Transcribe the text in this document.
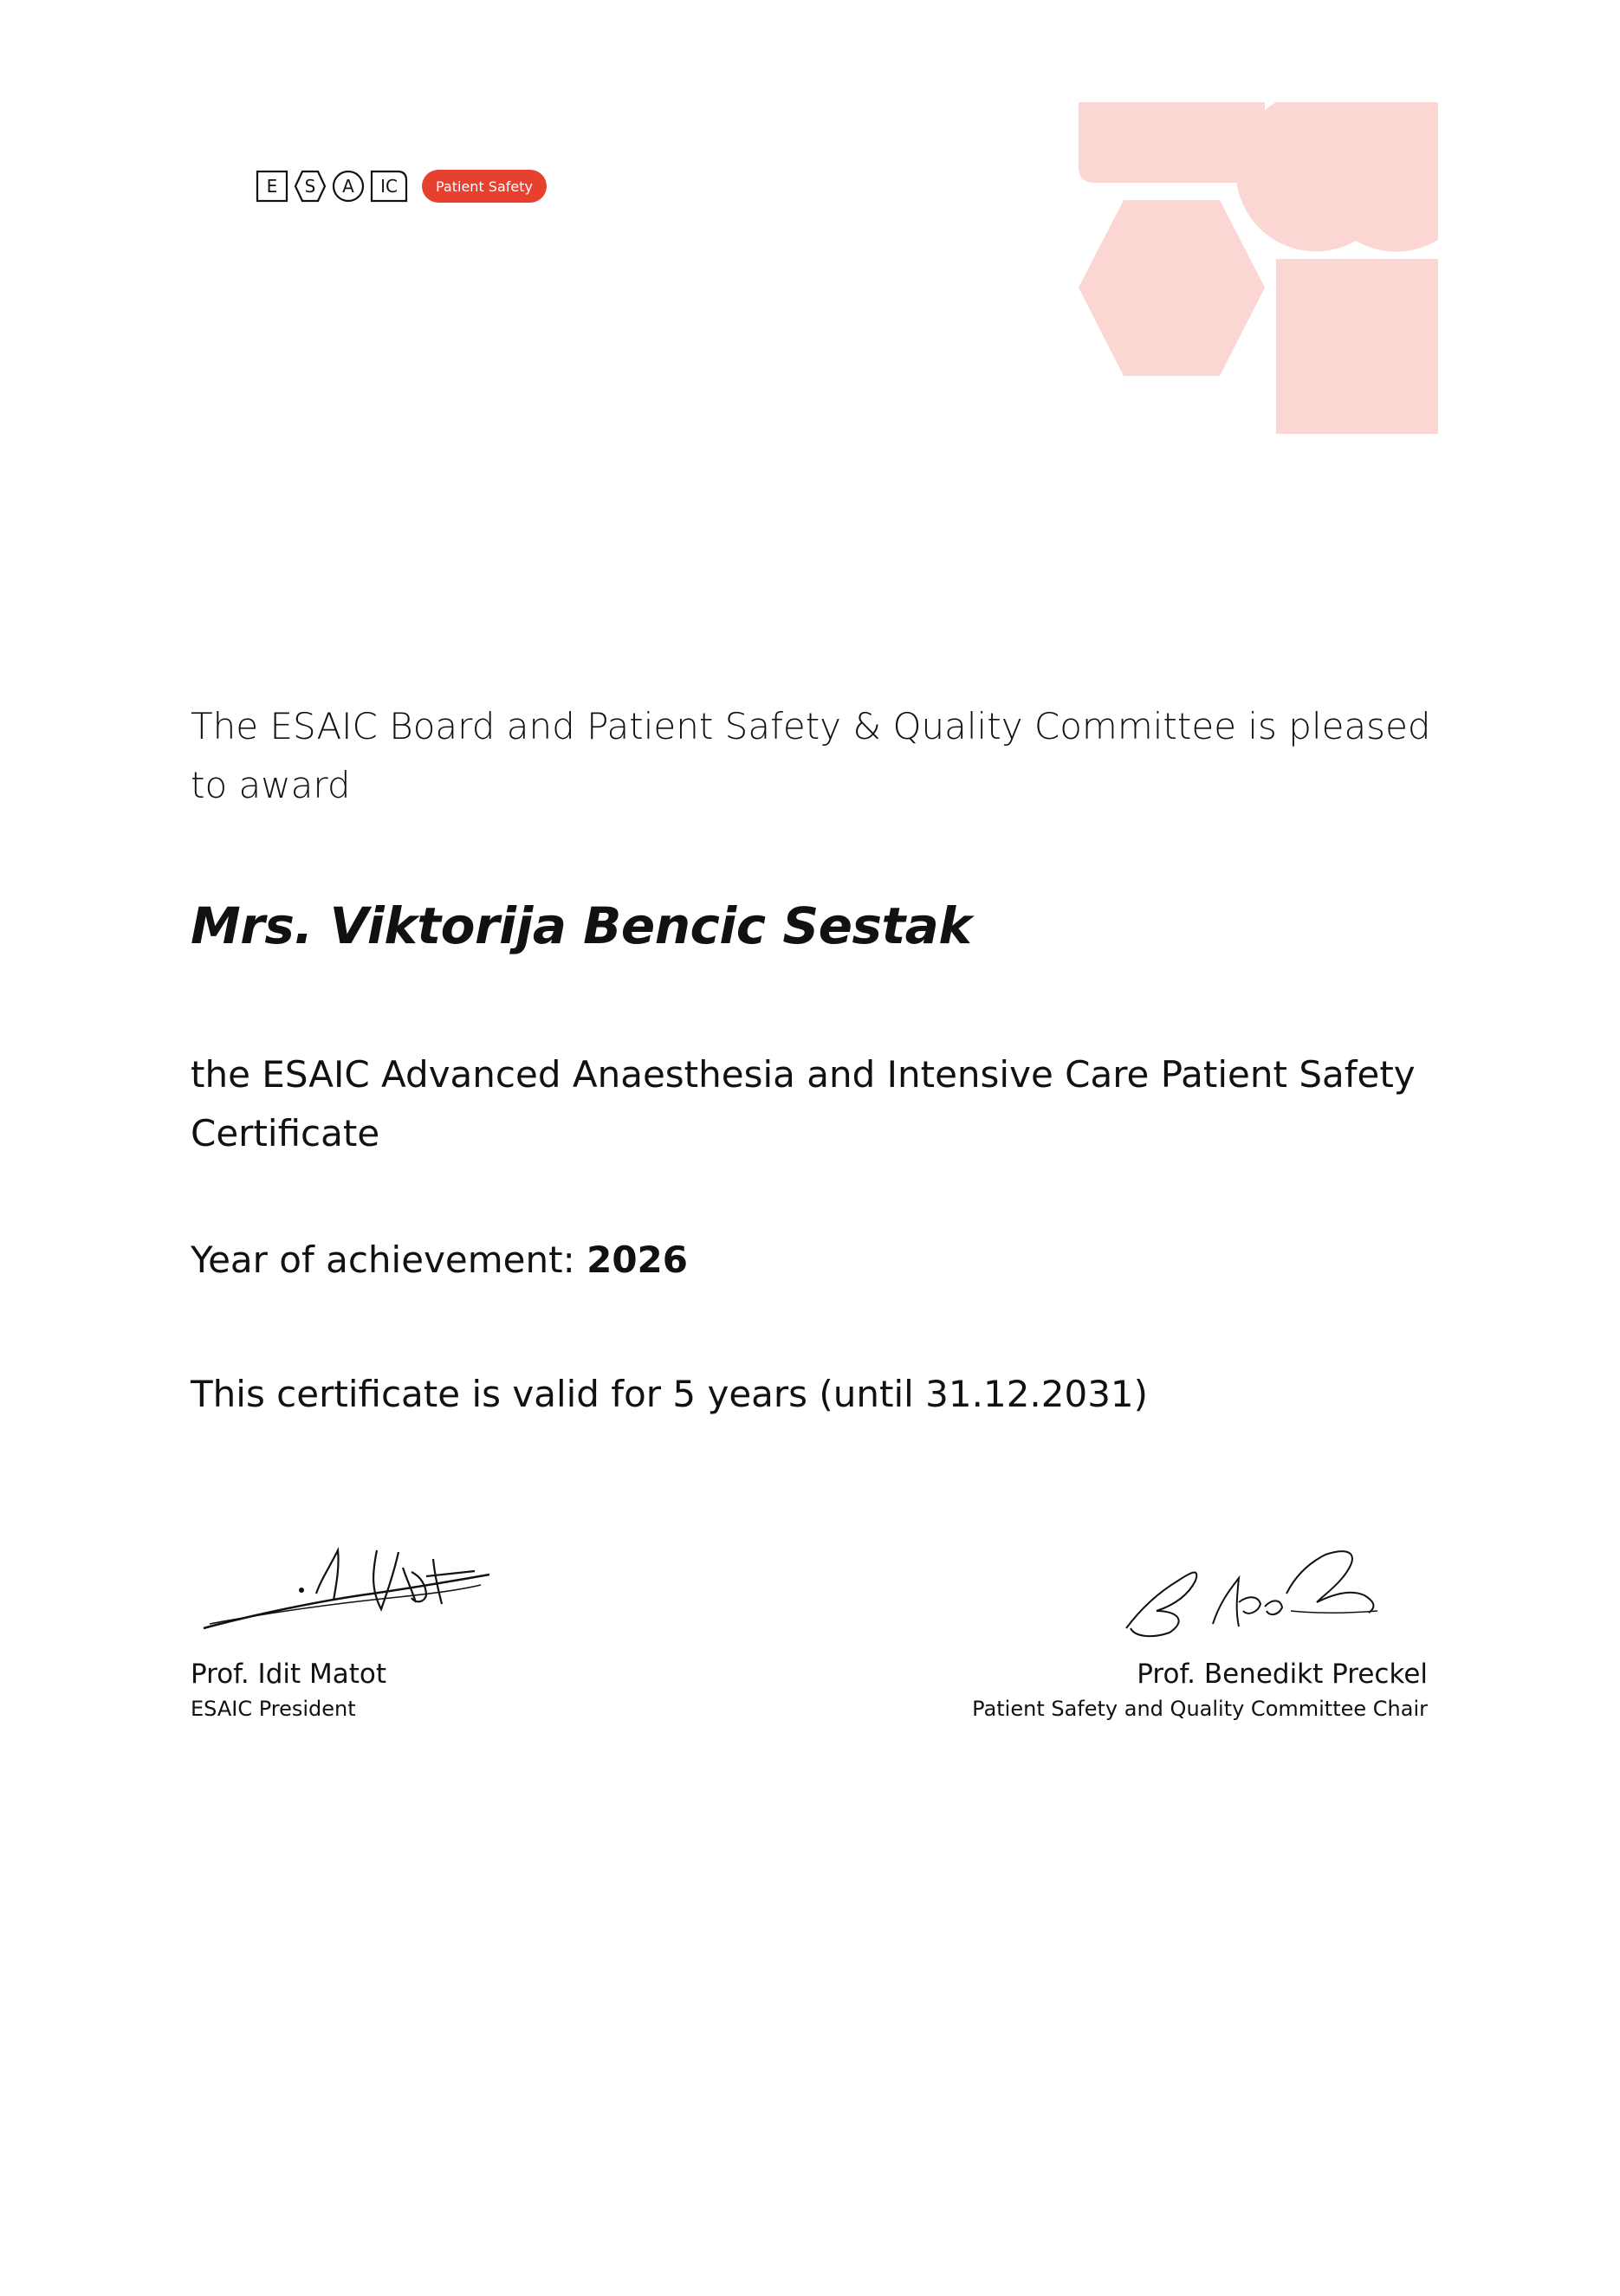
E S A IC	Patient Safety

The ESAIC Board and Patient Safety & Quality Committee is pleased to award

Mrs. Viktorija Bencic Sestak

the ESAIC Advanced Anaesthesia and Intensive Care Patient Safety Certificate

Year of achievement: 2026

This certificate is valid for 5 years (until 31.12.2031)

Prof. Idit Matot
ESAIC President
Prof. Benedikt Preckel
Patient Safety and Quality Committee Chair
